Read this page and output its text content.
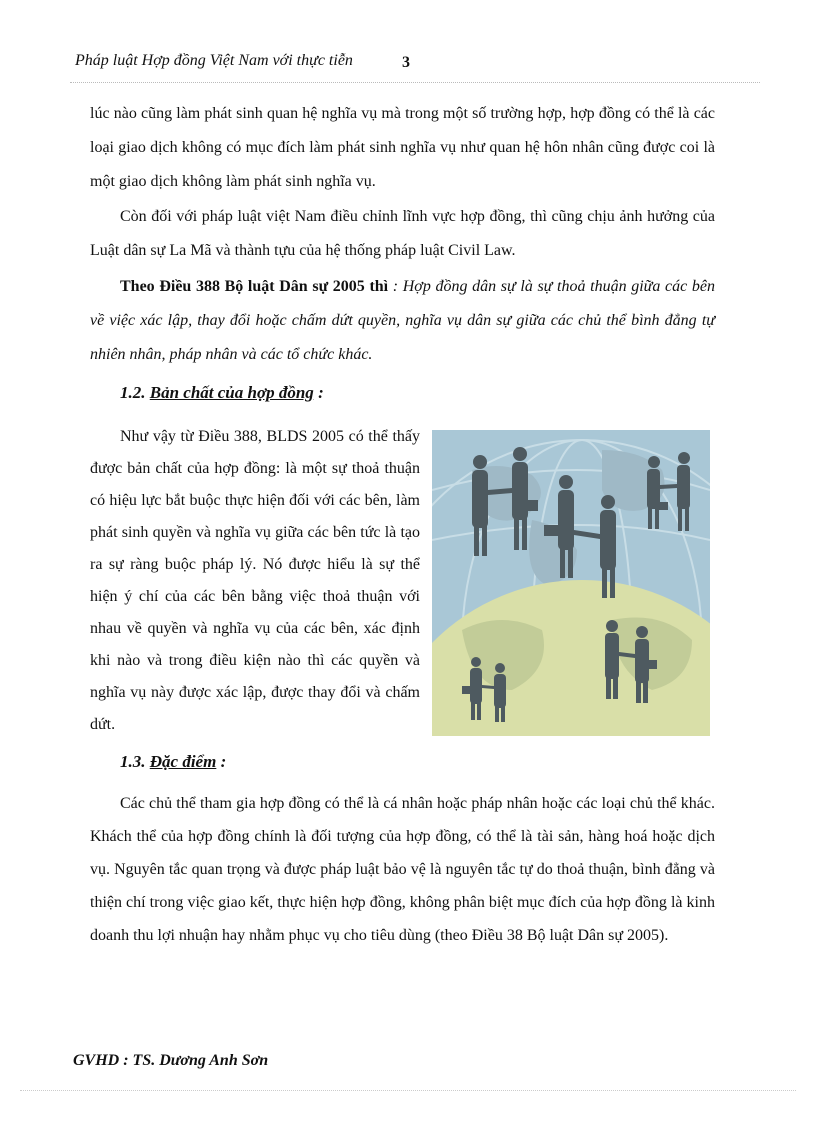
Pháp luật Hợp đồng Việt Nam với thực tiễn	3
lúc nào cũng làm phát sinh quan hệ nghĩa vụ mà trong một số trường hợp, hợp đồng có thể là các loại giao dịch không có mục đích làm phát sinh nghĩa vụ như quan hệ hôn nhân cũng được coi là một giao dịch không làm phát sinh nghĩa vụ.
Còn đối với pháp luật việt Nam điều chỉnh lĩnh vực hợp đồng, thì cũng chịu ảnh hưởng của Luật dân sự La Mã và thành tựu của hệ thống pháp luật Civil Law.
Theo Điều 388 Bộ luật Dân sự 2005 thì : Hợp đồng dân sự là sự thoả thuận giữa các bên về việc xác lập, thay đổi hoặc chấm dứt quyền, nghĩa vụ dân sự giữa các chủ thể bình đẳng tự nhiên nhân, pháp nhân và các tổ chức khác.
1.2. Bản chất của hợp đồng :
Như vậy từ Điều 388, BLDS 2005 có thể thấy được bản chất của hợp đồng: là một sự thoả thuận có hiệu lực bắt buộc thực hiện đối với các bên, làm phát sinh quyền và nghĩa vụ giữa các bên tức là tạo ra sự ràng buộc pháp lý. Nó được hiểu là sự thể hiện ý chí của các bên bằng việc thoả thuận với nhau về quyền và nghĩa vụ của các bên, xác định khi nào và trong điều kiện nào thì các quyền và nghĩa vụ này được xác lập, được thay đổi và chấm dứt.
1.3. Đặc điểm :
Các chủ thể tham gia hợp đồng có thể là cá nhân hoặc pháp nhân hoặc các loại chủ thể khác. Khách thể của hợp đồng chính là đối tượng của hợp đồng, có thể là tài sản, hàng hoá hoặc dịch vụ. Nguyên tắc quan trọng và được pháp luật bảo vệ là nguyên tắc tự do thoả thuận, bình đẳng và thiện chí trong việc giao kết, thực hiện hợp đồng, không phân biệt mục đích của hợp đồng là kinh doanh thu lợi nhuận hay nhằm phục vụ cho tiêu dùng (theo Điều 38 Bộ luật Dân sự 2005).
GVHD : TS. Dương Anh Sơn
